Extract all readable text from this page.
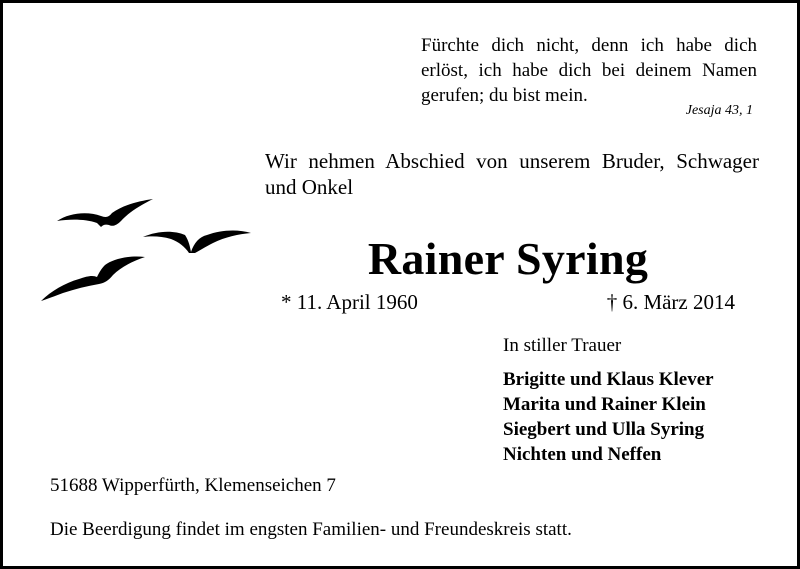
Fürchte dich nicht, denn ich habe dich
erlöst, ich habe dich bei deinem Namen
gerufen; du bist mein.
Jesaja 43, 1
Wir nehmen Abschied von unserem Bruder, Schwager
und Onkel
Rainer Syring
* 11. April 1960	† 6. März 2014
In stiller Trauer
Brigitte und Klaus Klever
Marita und Rainer Klein
Siegbert und Ulla Syring
Nichten und Neffen
51688 Wipperfürth, Klemenseichen 7
Die Beerdigung findet im engsten Familien- und Freundeskreis statt.
